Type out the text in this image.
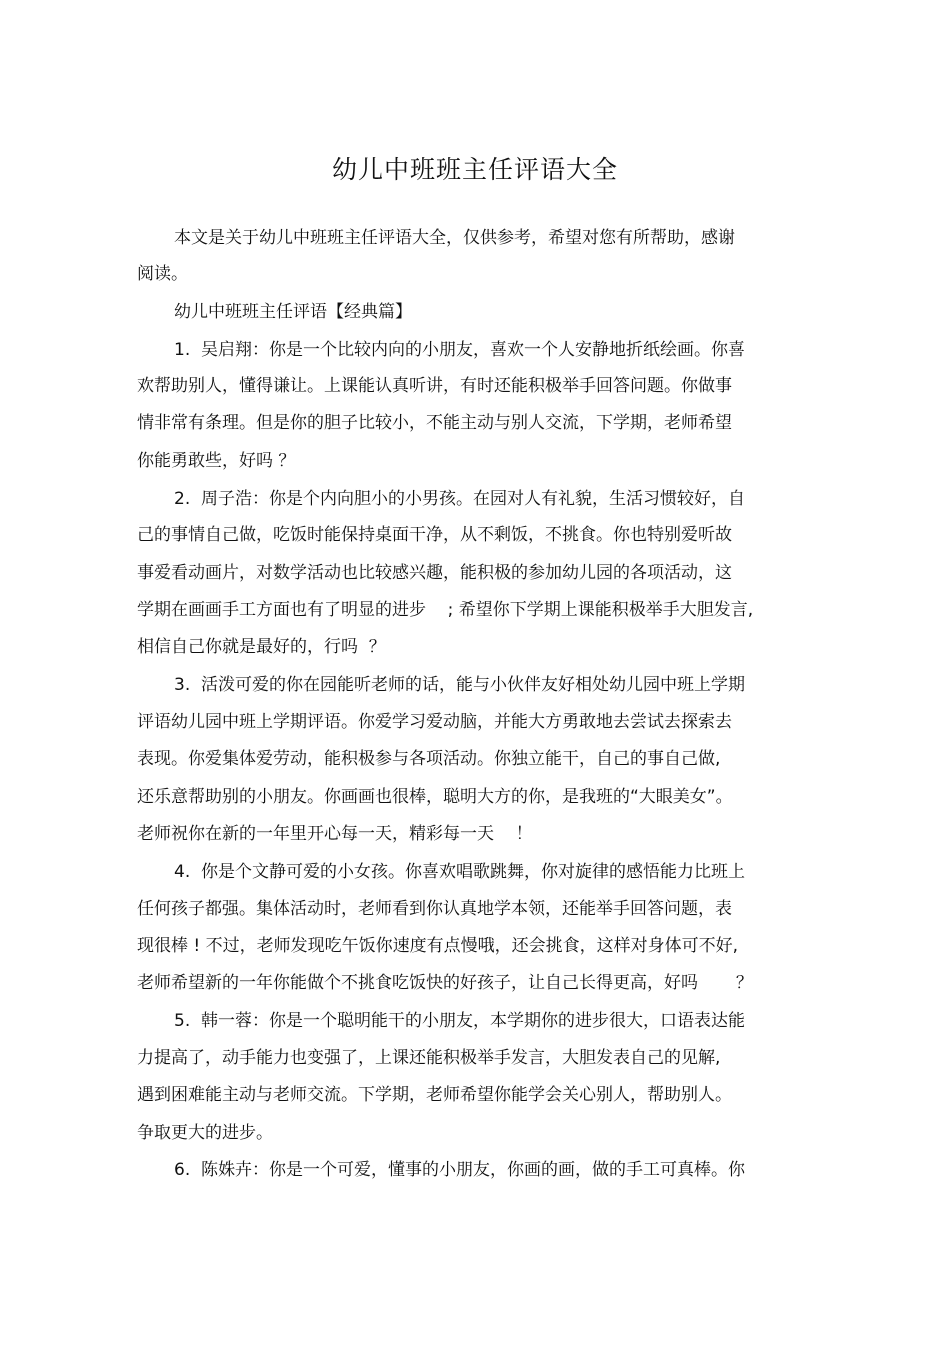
幼儿中班班主任评语大全
本文是关于幼儿中班班主任评语大全，仅供参考，希望对您有所帮助，感谢
阅读。
幼儿中班班主任评语【经典篇】
1.  吴启翔：你是一个比较内向的小朋友，喜欢一个人安静地折纸绘画。你喜
欢帮助别人，懂得谦让。上课能认真听讲，有时还能积极举手回答问题。你做事
情非常有条理。但是你的胆子比较小，不能主动与别人交流，下学期，老师希望
你能勇敢些，好吗 ？
2.  周子浩：你是个内向胆小的小男孩。在园对人有礼貌，生活习惯较好，自
己的事情自己做，吃饭时能保持桌面干净，从不剩饭，不挑食。你也特别爱听故
事爱看动画片，对数学活动也比较感兴趣，能积极的参加幼儿园的各项活动，这
学期在画画手工方面也有了明显的进步    ; 希望你下学期上课能积极举手大胆发言,
相信自己你就是最好的，行吗  ？
3.  活泼可爱的你在园能听老师的话，能与小伙伴友好相处幼儿园中班上学期
评语幼儿园中班上学期评语。你爱学习爱动脑，并能大方勇敢地去尝试去探索去
表现。你爱集体爱劳动，能积极参与各项活动。你独立能干，自己的事自己做,
还乐意帮助别的小朋友。你画画也很棒，聪明大方的你，是我班的“大眼美女”。
老师祝你在新的一年里开心每一天，精彩每一天    ！
4.  你是个文静可爱的小女孩。你喜欢唱歌跳舞，你对旋律的感悟能力比班上
任何孩子都强。集体活动时，老师看到你认真地学本领，还能举手回答问题，表
现很棒 ! 不过，老师发现吃午饭你速度有点慢哦，还会挑食，这样对身体可不好,
老师希望新的一年你能做个不挑食吃饭快的好孩子，让自己长得更高，好吗       ？
5.  韩一蓉：你是一个聪明能干的小朋友，本学期你的进步很大，口语表达能
力提高了，动手能力也变强了，上课还能积极举手发言，大胆发表自己的见解,
遇到困难能主动与老师交流。下学期，老师希望你能学会关心别人，帮助别人。
争取更大的进步。
6.  陈姝卉：你是一个可爱，懂事的小朋友，你画的画，做的手工可真棒。你
